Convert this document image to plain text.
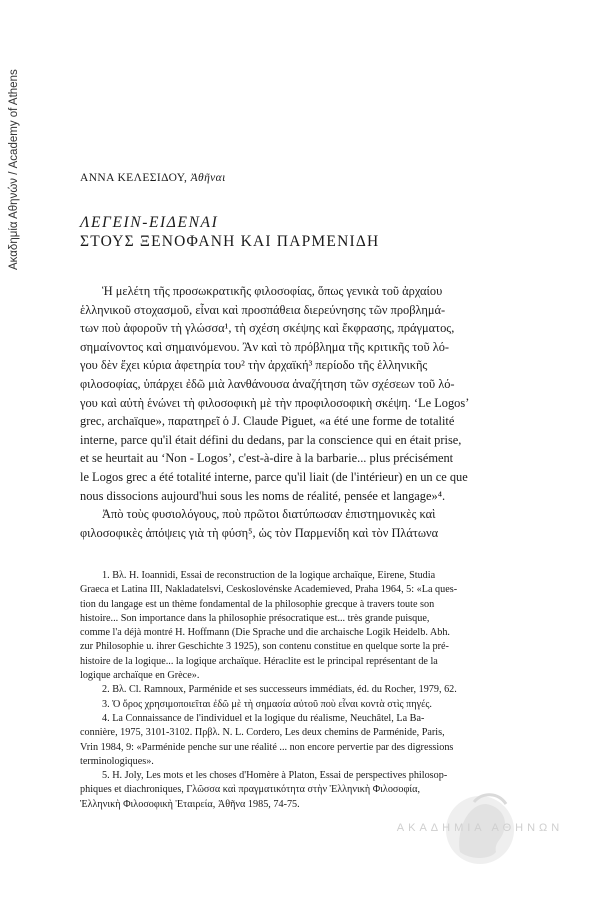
Ακαδημία Αθηνών / Academy of Athens	ΑΝΝΑ ΚΕΛΕΣΙΔΟΥ, Ἀθῆναι
ΛΕΓΕΙΝ-ΕΙΔΕΝΑΙ
ΣΤΟΥΣ ΞΕΝΟΦΑΝΗ ΚΑΙ ΠΑΡΜΕΝΙΔΗ
Ἡ μελέτη τῆς προσωκρατικῆς φιλοσοφίας, ὅπως γενικὰ τοῦ ἀρχαίου
ἑλληνικοῦ στοχασμοῦ, εἶναι καὶ προσπάθεια διερεύνησης τῶν προβλημά-
των ποὺ ἀφοροῦν τὴ γλώσσα¹, τὴ σχέση σκέψης καὶ ἔκφρασης, πράγματος,
σημαίνοντος καὶ σημαινόμενου. Ἂν καὶ τὸ πρόβλημα τῆς κριτικῆς τοῦ λό-
γου δὲν ἔχει κύρια ἀφετηρία του² τὴν ἀρχαϊκή³ περίοδο τῆς ἑλληνικῆς
φιλοσοφίας, ὑπάρχει ἐδῶ μιὰ λανθάνουσα ἀναζήτηση τῶν σχέσεων τοῦ λό-
γου καὶ αὐτὴ ἑνώνει τὴ φιλοσοφικὴ μὲ τὴν προφιλοσοφικὴ σκέψη. ‘Le Logos’
grec, archaïque», παρατηρεῖ ὁ J. Claude Piguet, «a été une forme de totalité
interne, parce qu'il était défini du dedans, par la conscience qui en était prise,
et se heurtait au ‘Non - Logos’, c'est-à-dire à la barbarie... plus précisément
le Logos grec a été totalité interne, parce qu'il liait (de l'intérieur) en un ce que
nous dissocions aujourd'hui sous les noms de réalité, pensée et langage»⁴.
Ἀπὸ τοὺς φυσιολόγους, ποὺ πρῶτοι διατύπωσαν ἐπιστημονικὲς καὶ
φιλοσοφικὲς ἀπόψεις γιὰ τὴ φύση⁵, ὡς τὸν Παρμενίδη καὶ τὸν Πλάτωνα
1. Βλ. H. Ioannidi, Essai de reconstruction de la logique archaïque, Eirene, Studia
Graeca et Latina III, Nakladatelsvi, Ceskoslovénske Academieved, Praha 1964, 5: «La ques-
tion du langage est un thème fondamental de la philosophie grecque à travers toute son
histoire... Son importance dans la philosophie présocratique est... très grande puisque,
comme l'a déjà montré H. Hoffmann (Die Sprache und die archaische Logik Heidelb. Abh.
zur Philosophie u. ihrer Geschichte 3 1925), son contenu constitue en quelque sorte la pré-
histoire de la logique... la logique archaïque. Héraclite est le principal représentant de la
logique archaïque en Grèce».
2. Βλ. Cl. Ramnoux, Parménide et ses successeurs immédiats, éd. du Rocher, 1979, 62.
3. Ὁ ὅρος χρησιμοποιεῖται ἐδῶ μὲ τὴ σημασία αὐτοῦ ποὺ εἶναι κοντὰ στὶς πηγές.
4. La Connaissance de l'individuel et la logique du réalisme, Neuchâtel, La Ba-
connière, 1975, 3101-3102. Πρβλ. N. L. Cordero, Les deux chemins de Parménide, Paris,
Vrin 1984, 9: «Parménide penche sur une réalité ... non encore pervertie par des digressions
terminologiques».
5. H. Joly, Les mots et les choses d'Homère à Platon, Essai de perspectives philosop-
phiques et diachroniques, Γλῶσσα καὶ πραγματικότητα στὴν Ἑλληνικὴ Φιλοσοφία,
Ἑλληνικὴ Φιλοσοφικὴ Ἑταιρεία, Ἀθῆνα 1985, 74-75.
ΑΚΑΔΗΜΙΑ ΑΘΗΝΩΝ
